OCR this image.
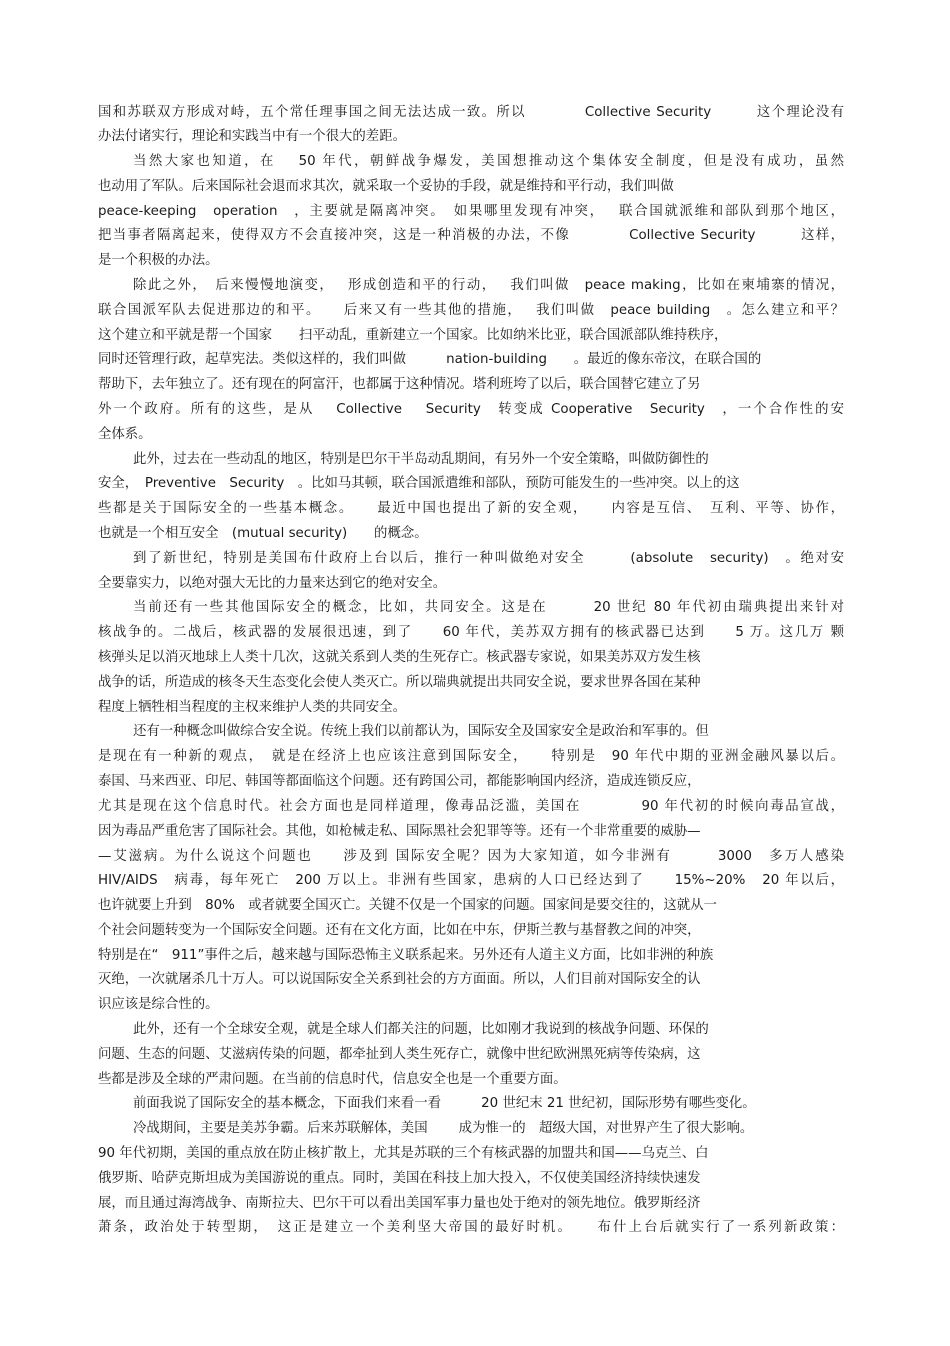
国和苏联双方形成对峙，五个常任理事国之间无法达成一致。所以　　　　Collective Security　　　这个理论没有
办法付诸实行，理论和实践当中有一个很大的差距。
当然大家也知道，在　 50 年代，朝鲜战争爆发，美国想推动这个集体安全制度，但是没有成功，虽然
也动用了军队。后来国际社会退而求其次，就采取一个妥协的手段，就是维持和平行动，我们叫做
peace-keeping　operation　，主要就是隔离冲突。　如果哪里发现有冲突，　 联合国就派维和部队到那个地区，
把当事者隔离起来，使得双方不会直接冲突，这是一种消极的办法，不像　　　　Collective Security　　　这样，
是一个积极的办法。
除此之外，　后来慢慢地演变，　 形成创造和平的行动，　 我们叫做　peace making，比如在柬埔寨的情况，
联合国派军队去促进那边的和平。　　后来又有一些其他的措施，　 我们叫做　peace building　。怎么建立和平？
这个建立和平就是帮一个国家　　扫平动乱，重新建立一个国家。比如纳米比亚，联合国派部队维持秩序，
同时还管理行政，起草宪法。类似这样的，我们叫做　　　nation-building　　。最近的像东帝汶，在联合国的
帮助下，去年独立了。还有现在的阿富汗，也都属于这种情况。塔利班垮了以后，联合国替它建立了另
外一个政府。所有的这些，是从　 Collective　 Security　转变成 Cooperative　Security　，一个合作性的安
全体系。
此外，过去在一些动乱的地区，特别是巴尔干半岛动乱期间，有另外一个安全策略，叫做防御性的
安全，　Preventive　Security　。比如马其顿，联合国派遣维和部队，预防可能发生的一些冲突。以上的这
些都是关于国际安全的一些基本概念。　　最近中国也提出了新的安全观，　　内容是互信、　互利、平等、协作，
也就是一个相互安全　(mutual security)　　的概念。
到了新世纪，特别是美国布什政府上台以后，推行一种叫做绝对安全　　　(absolute　security)　。绝对安
全要靠实力，以绝对强大无比的力量来达到它的绝对安全。
当前还有一些其他国际安全的概念，比如，共同安全。这是在　　　20 世纪 80 年代初由瑞典提出来针对
核战争的。二战后，核武器的发展很迅速，到了　　60 年代，美苏双方拥有的核武器已达到　　5 万。这几万 颗
核弹头足以消灭地球上人类十几次，这就关系到人类的生死存亡。核武器专家说，如果美苏双方发生核
战争的话，所造成的核冬天生态变化会使人类灭亡。所以瑞典就提出共同安全说，要求世界各国在某种
程度上牺牲相当程度的主权来维护人类的共同安全。
还有一种概念叫做综合安全说。传统上我们以前都认为，国际安全及国家安全是政治和军事的。但
是现在有一种新的观点，　就是在经济上也应该注意到国际安全，　　特别是　90 年代中期的亚洲金融风暴以后。
泰国、马来西亚、印尼、韩国等都面临这个问题。还有跨国公司，都能影响国内经济，造成连锁反应，
尤其是现在这个信息时代。社会方面也是同样道理，像毒品泛滥，美国在　　　　90 年代初的时候向毒品宣战，
因为毒品严重危害了国际社会。其他，如枪械走私、国际黑社会犯罪等等。还有一个非常重要的威胁—
—艾滋病。为什么说这个问题也　　涉及到 国际安全呢？因为大家知道，如今非洲有　　　3000　多万人感染
HIV/AIDS　病毒，每年死亡　200 万以上。非洲有些国家，患病的人口已经达到了　　15%~20%　20 年以后，
也许就要上升到　80%　或者就要全国灭亡。关键不仅是一个国家的问题。国家间是要交往的，这就从一
个社会问题转变为一个国际安全问题。还有在文化方面，比如在中东，伊斯兰教与基督教之间的冲突，
特别是在“　911”事件之后，越来越与国际恐怖主义联系起来。另外还有人道主义方面，比如非洲的种族
灭绝，一次就屠杀几十万人。可以说国际安全关系到社会的方方面面。所以，人们目前对国际安全的认
识应该是综合性的。
此外，还有一个全球安全观，就是全球人们都关注的问题，比如刚才我说到的核战争问题、环保的
问题、生态的问题、艾滋病传染的问题，都牵扯到人类生死存亡，就像中世纪欧洲黑死病等传染病，这
些都是涉及全球的严肃问题。在当前的信息时代，信息安全也是一个重要方面。
前面我说了国际安全的基本概念，下面我们来看一看　　　20 世纪末 21 世纪初，国际形势有哪些变化。
冷战期间，主要是美苏争霸。后来苏联解体，美国　　 成为惟一的　超级大国，对世界产生了很大影响。
90 年代初期，美国的重点放在防止核扩散上，尤其是苏联的三个有核武器的加盟共和国——乌克兰、白
俄罗斯、哈萨克斯坦成为美国游说的重点。同时，美国在科技上加大投入，不仅使美国经济持续快速发
展，而且通过海湾战争、南斯拉夫、巴尔干可以看出美国军事力量也处于绝对的领先地位。俄罗斯经济
萧条，政治处于转型期，　这正是建立一个美利坚大帝国的最好时机。　　布什上台后就实行了一系列新政策：
